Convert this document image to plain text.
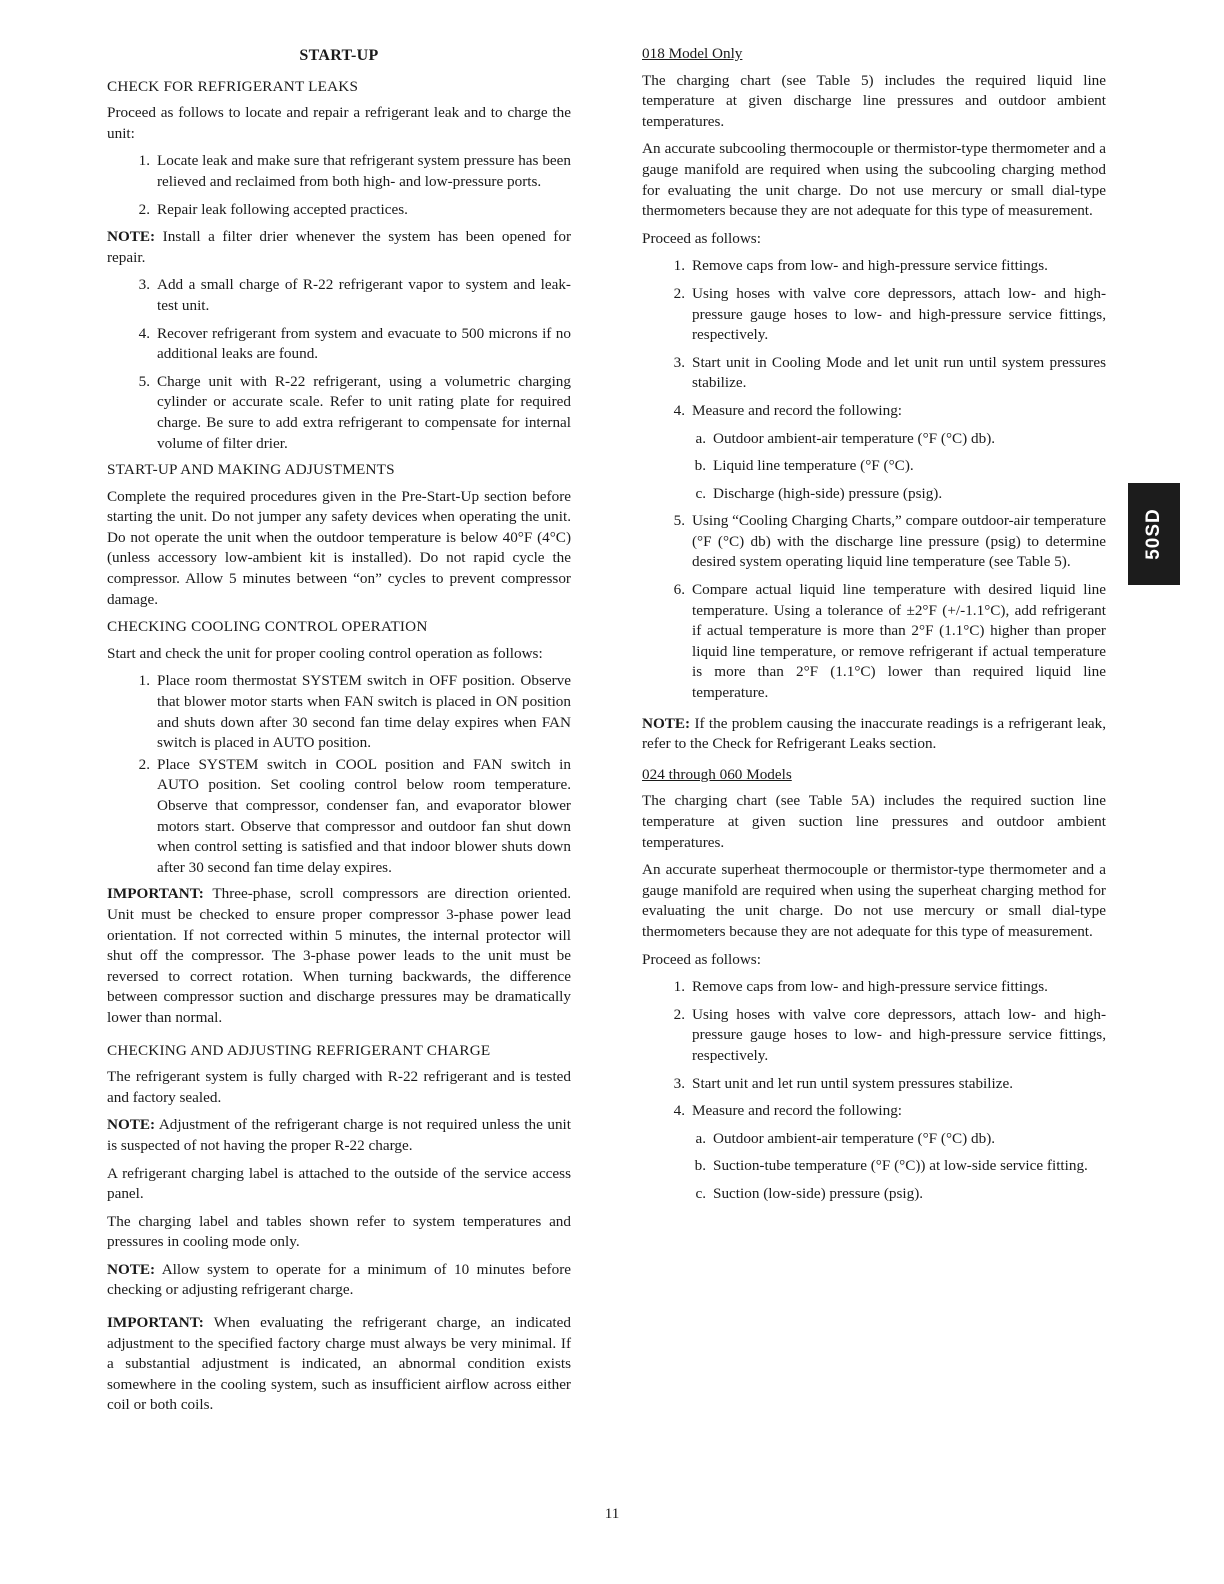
START-UP
CHECK FOR REFRIGERANT LEAKS
Proceed as follows to locate and repair a refrigerant leak and to charge the unit:
1. Locate leak and make sure that refrigerant system pressure has been relieved and reclaimed from both high- and low-pressure ports.
2. Repair leak following accepted practices.
NOTE: Install a filter drier whenever the system has been opened for repair.
3. Add a small charge of R-22 refrigerant vapor to system and leak-test unit.
4. Recover refrigerant from system and evacuate to 500 microns if no additional leaks are found.
5. Charge unit with R-22 refrigerant, using a volumetric charging cylinder or accurate scale. Refer to unit rating plate for required charge. Be sure to add extra refrigerant to compensate for internal volume of filter drier.
START-UP AND MAKING ADJUSTMENTS
Complete the required procedures given in the Pre-Start-Up section before starting the unit. Do not jumper any safety devices when operating the unit. Do not operate the unit when the outdoor temperature is below 40°F (4°C) (unless accessory low-ambient kit is installed). Do not rapid cycle the compressor. Allow 5 minutes between “on” cycles to prevent compressor damage.
CHECKING COOLING CONTROL OPERATION
Start and check the unit for proper cooling control operation as follows:
1. Place room thermostat SYSTEM switch in OFF position. Observe that blower motor starts when FAN switch is placed in ON position and shuts down after 30 second fan time delay expires when FAN switch is placed in AUTO position.
2. Place SYSTEM switch in COOL position and FAN switch in AUTO position. Set cooling control below room temperature. Observe that compressor, condenser fan, and evaporator blower motors start. Observe that compressor and outdoor fan shut down when control setting is satisfied and that indoor blower shuts down after 30 second fan time delay expires.
IMPORTANT: Three-phase, scroll compressors are direction oriented. Unit must be checked to ensure proper compressor 3-phase power lead orientation. If not corrected within 5 minutes, the internal protector will shut off the compressor. The 3-phase power leads to the unit must be reversed to correct rotation. When turning backwards, the difference between compressor suction and discharge pressures may be dramatically lower than normal.
CHECKING AND ADJUSTING REFRIGERANT CHARGE
The refrigerant system is fully charged with R-22 refrigerant and is tested and factory sealed.
NOTE: Adjustment of the refrigerant charge is not required unless the unit is suspected of not having the proper R-22 charge.
A refrigerant charging label is attached to the outside of the service access panel.
The charging label and tables shown refer to system temperatures and pressures in cooling mode only.
NOTE: Allow system to operate for a minimum of 10 minutes before checking or adjusting refrigerant charge.
IMPORTANT: When evaluating the refrigerant charge, an indicated adjustment to the specified factory charge must always be very minimal. If a substantial adjustment is indicated, an abnormal condition exists somewhere in the cooling system, such as insufficient airflow across either coil or both coils.
018 Model Only
The charging chart (see Table 5) includes the required liquid line temperature at given discharge line pressures and outdoor ambient temperatures.
An accurate subcooling thermocouple or thermistor-type thermometer and a gauge manifold are required when using the subcooling charging method for evaluating the unit charge. Do not use mercury or small dial-type thermometers because they are not adequate for this type of measurement.
Proceed as follows:
1. Remove caps from low- and high-pressure service fittings.
2. Using hoses with valve core depressors, attach low- and high-pressure gauge hoses to low- and high-pressure service fittings, respectively.
3. Start unit in Cooling Mode and let unit run until system pressures stabilize.
4. Measure and record the following:
a. Outdoor ambient-air temperature (°F (°C) db).
b. Liquid line temperature (°F (°C).
c. Discharge (high-side) pressure (psig).
5. Using “Cooling Charging Charts,” compare outdoor-air temperature (°F (°C) db) with the discharge line pressure (psig) to determine desired system operating liquid line temperature (see Table 5).
6. Compare actual liquid line temperature with desired liquid line temperature. Using a tolerance of ±2°F (+/-1.1°C), add refrigerant if actual temperature is more than 2°F (1.1°C) higher than proper liquid line temperature, or remove refrigerant if actual temperature is more than 2°F (1.1°C) lower than required liquid line temperature.
NOTE: If the problem causing the inaccurate readings is a refrigerant leak, refer to the Check for Refrigerant Leaks section.
024 through 060 Models
The charging chart (see Table 5A) includes the required suction line temperature at given suction line pressures and outdoor ambient temperatures.
An accurate superheat thermocouple or thermistor-type thermometer and a gauge manifold are required when using the superheat charging method for evaluating the unit charge. Do not use mercury or small dial-type thermometers because they are not adequate for this type of measurement.
Proceed as follows:
1. Remove caps from low- and high-pressure service fittings.
2. Using hoses with valve core depressors, attach low- and high-pressure gauge hoses to low- and high-pressure service fittings, respectively.
3. Start unit and let run until system pressures stabilize.
4. Measure and record the following:
a. Outdoor ambient-air temperature (°F (°C) db).
b. Suction-tube temperature (°F (°C)) at low-side service fitting.
c. Suction (low-side) pressure (psig).
50SD
11
